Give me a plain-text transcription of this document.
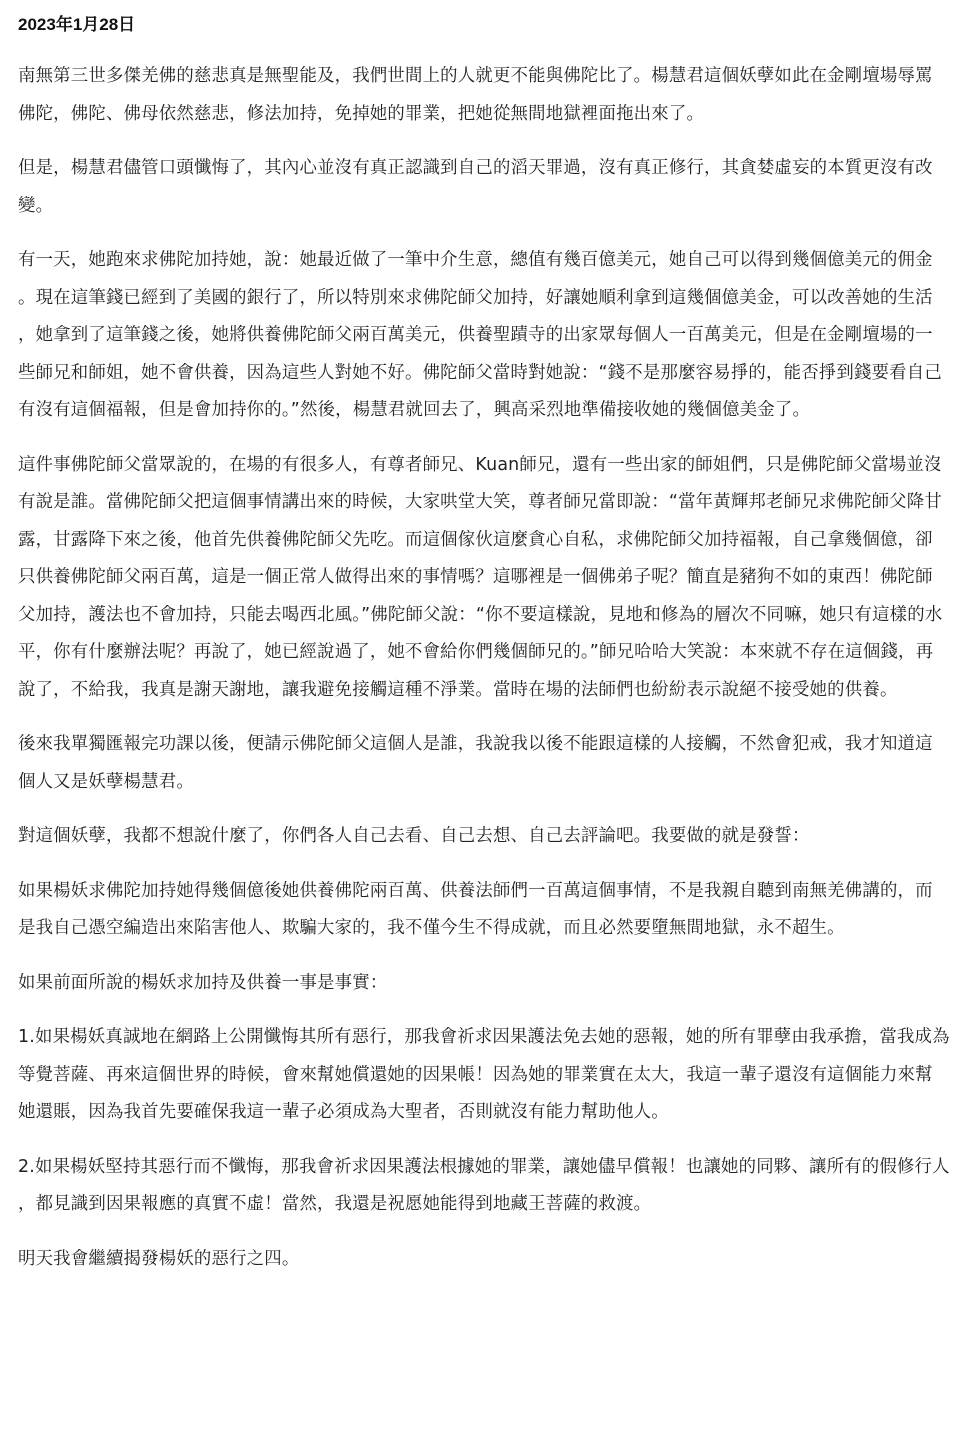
2023年1月28日

南無第三世多傑羌佛的慈悲真是無聖能及，我們世間上的人就更不能與佛陀比了。楊慧君這個妖孽如此在金剛壇場辱罵佛陀，佛陀、佛母依然慈悲，修法加持，免掉她的罪業，把她從無間地獄裡面拖出來了。

但是，楊慧君儘管口頭懺悔了，其內心並沒有真正認識到自己的滔天罪過，沒有真正修行，其貪婪虛妄的本質更沒有改變。

有一天，她跑來求佛陀加持她，說：她最近做了一筆中介生意，總值有幾百億美元，她自己可以得到幾個億美元的佣金。現在這筆錢已經到了美國的銀行了，所以特別來求佛陀師父加持，好讓她順利拿到這幾個億美金，可以改善她的生活，她拿到了這筆錢之後，她將供養佛陀師父兩百萬美元，供養聖蹟寺的出家眾每個人一百萬美元，但是在金剛壇場的一些師兄和師姐，她不會供養，因為這些人對她不好。佛陀師父當時對她說：“錢不是那麼容易掙的，能否掙到錢要看自己有沒有這個福報，但是會加持你的。”然後，楊慧君就回去了，興高采烈地準備接收她的幾個億美金了。

這件事佛陀師父當眾說的，在場的有很多人，有尊者師兄、Kuan師兄，還有一些出家的師姐們，只是佛陀師父當場並沒有說是誰。當佛陀師父把這個事情講出來的時候，大家哄堂大笑，尊者師兄當即說：“當年黃輝邦老師兄求佛陀師父降甘露，甘露降下來之後，他首先供養佛陀師父先吃。而這個傢伙這麼貪心自私，求佛陀師父加持福報，自己拿幾個億，卻只供養佛陀師父兩百萬，這是一個正常人做得出來的事情嗎？這哪裡是一個佛弟子呢？簡直是豬狗不如的東西！佛陀師父加持，護法也不會加持，只能去喝西北風。”佛陀師父說：“你不要這樣說，見地和修為的層次不同嘛，她只有這樣的水平，你有什麼辦法呢？再說了，她已經說過了，她不會給你們幾個師兄的。”師兄哈哈大笑說：本來就不存在這個錢，再說了，不給我，我真是謝天謝地，讓我避免接觸這種不淨業。當時在場的法師們也紛紛表示說絕不接受她的供養。

後來我單獨匯報完功課以後，便請示佛陀師父這個人是誰，我說我以後不能跟這樣的人接觸，不然會犯戒，我才知道這個人又是妖孽楊慧君。

對這個妖孽，我都不想說什麼了，你們各人自己去看、自己去想、自己去評論吧。我要做的就是發誓：

如果楊妖求佛陀加持她得幾個億後她供養佛陀兩百萬、供養法師們一百萬這個事情，不是我親自聽到南無羌佛講的，而是我自己憑空編造出來陷害他人、欺騙大家的，我不僅今生不得成就，而且必然要墮無間地獄，永不超生。

如果前面所說的楊妖求加持及供養一事是事實：

1.如果楊妖真誠地在網路上公開懺悔其所有惡行，那我會祈求因果護法免去她的惡報，她的所有罪孽由我承擔，當我成為等覺菩薩、再來這個世界的時候，會來幫她償還她的因果帳！因為她的罪業實在太大，我這一輩子還沒有這個能力來幫她還賬，因為我首先要確保我這一輩子必須成為大聖者，否則就沒有能力幫助他人。

2.如果楊妖堅持其惡行而不懺悔，那我會祈求因果護法根據她的罪業，讓她儘早償報！也讓她的同夥、讓所有的假修行人，都見識到因果報應的真實不虛！當然，我還是祝愿她能得到地藏王菩薩的救渡。

明天我會繼續揭發楊妖的惡行之四。
